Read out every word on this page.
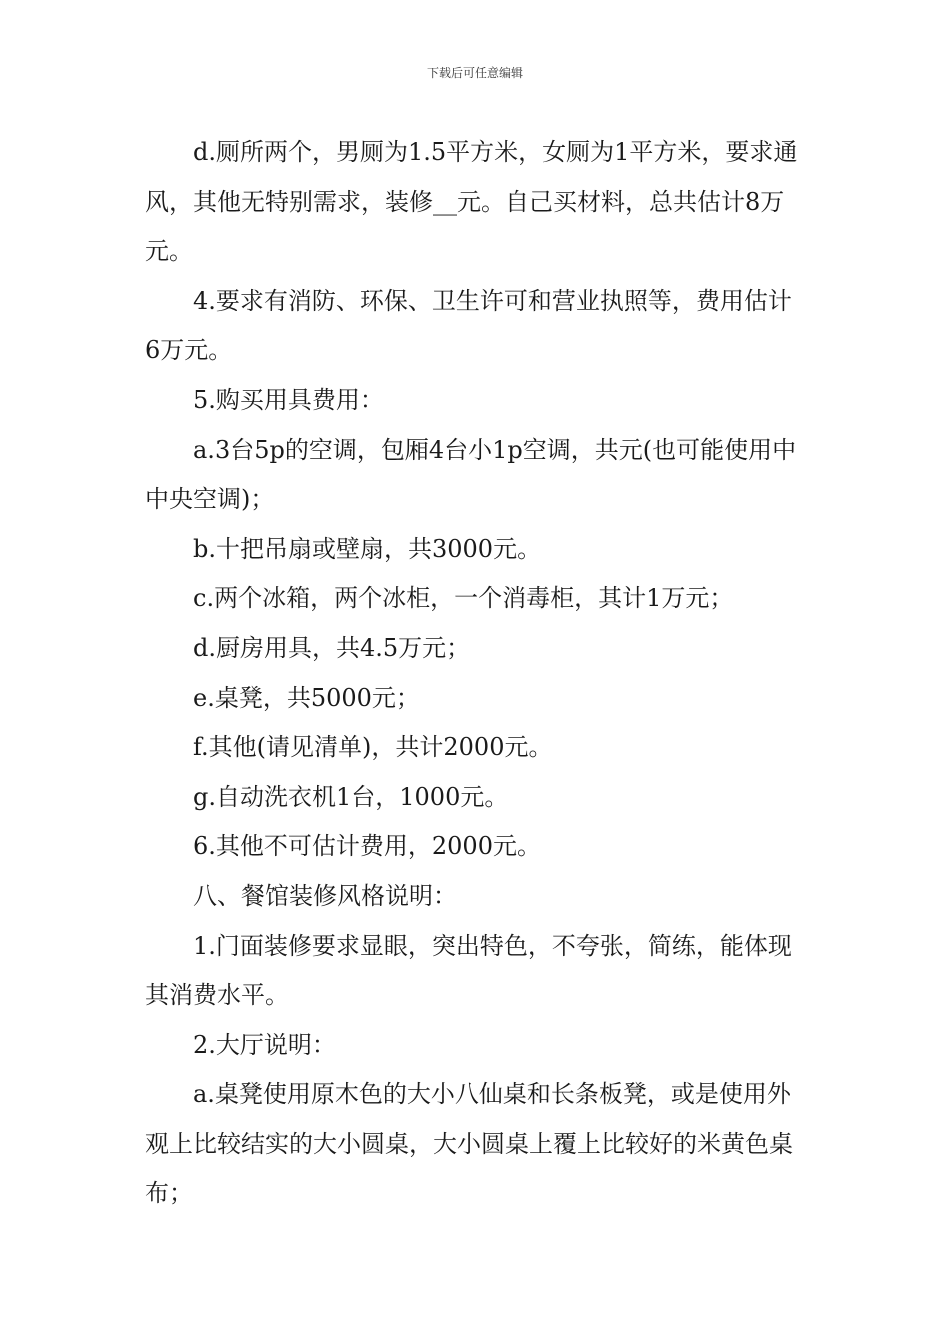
下载后可任意编辑

d.厕所两个，男厕为1.5平方米，女厕为1平方米，要求通风，其他无特别需求，装修__元。自己买材料，总共估计8万元。

4.要求有消防、环保、卫生许可和营业执照等，费用估计6万元。

5.购买用具费用：

a.3台5p的空调，包厢4台小1p空调，共元(也可能使用中中央空调)；

b.十把吊扇或壁扇，共3000元。

c.两个冰箱，两个冰柜，一个消毒柜，其计1万元；

d.厨房用具，共4.5万元；

e.桌凳，共5000元；

f.其他(请见清单)，共计2000元。

g.自动洗衣机1台，1000元。

6.其他不可估计费用，2000元。

八、餐馆装修风格说明：

1.门面装修要求显眼，突出特色，不夸张，简练，能体现其消费水平。

2.大厅说明：

a.桌凳使用原木色的大小八仙桌和长条板凳，或是使用外观上比较结实的大小圆桌，大小圆桌上覆上比较好的米黄色桌布；
